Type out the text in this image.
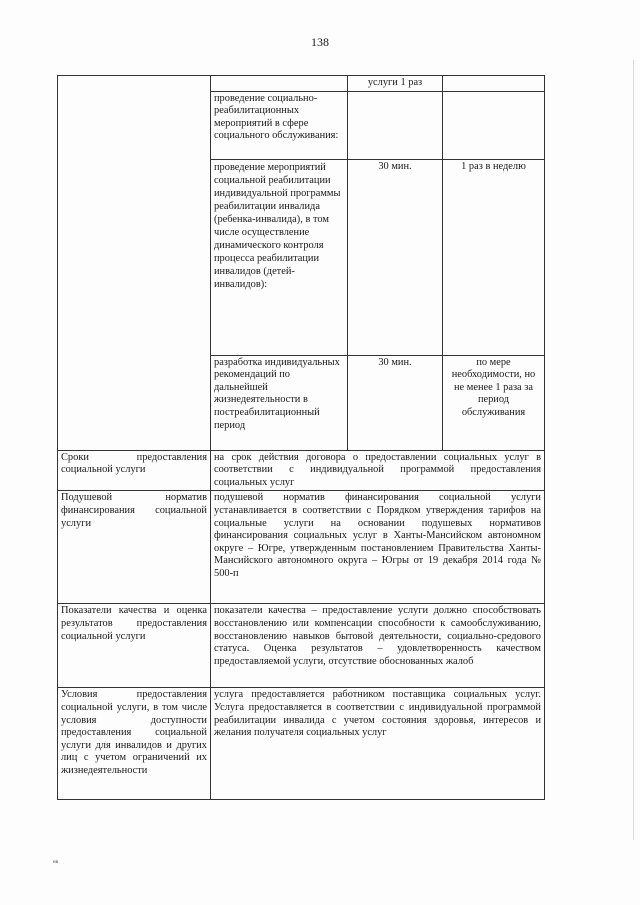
138
		услуги 1 раз	
	проведение социально-реабилитационных мероприятий в сфере социального обслуживания:		
	проведение мероприятий социальной реабилитации индивидуальной программы реабилитации инвалида (ребенка-инвалида), в том числе осуществление динамического контроля процесса реабилитации инвалидов (детей-инвалидов):	30 мин.	1 раз в неделю
	разработка индивидуальных рекомендаций по дальнейшей жизнедеятельности в постреабилитационный период	30 мин.	по мере необходимости, но не менее 1 раза за период обслуживания
Сроки предоставления социальной услуги	на срок действия договора о предоставлении социальных услуг в соответствии с индивидуальной программой предоставления социальных услуг		
Подушевой норматив финансирования социальной услуги	подушевой норматив финансирования социальной услуги устанавливается в соответствии с Порядком утверждения тарифов на социальные услуги на основании подушевых нормативов финансирования социальных услуг в Ханты-Мансийском автономном округе – Югре, утвержденным постановлением Правительства Ханты-Мансийского автономного округа – Югры от 19 декабря 2014 года № 500-п		
Показатели качества и оценка результатов предоставления социальной услуги	показатели качества – предоставление услуги должно способствовать восстановлению или компенсации способности к самообслуживанию, восстановлению навыков бытовой деятельности, социально-средового статуса. Оценка результатов – удовлетворенность качеством предоставляемой услуги, отсутствие обоснованных жалоб		
Условия предоставления социальной услуги, в том числе условия доступности предоставления социальной услуги для инвалидов и других лиц с учетом ограничений их жизнедеятельности	услуга предоставляется работником поставщика социальных услуг. Услуга предоставляется в соответствии с индивидуальной программой реабилитации инвалида с учетом состояния здоровья, интересов и желания получателя социальных услуг		
нв
